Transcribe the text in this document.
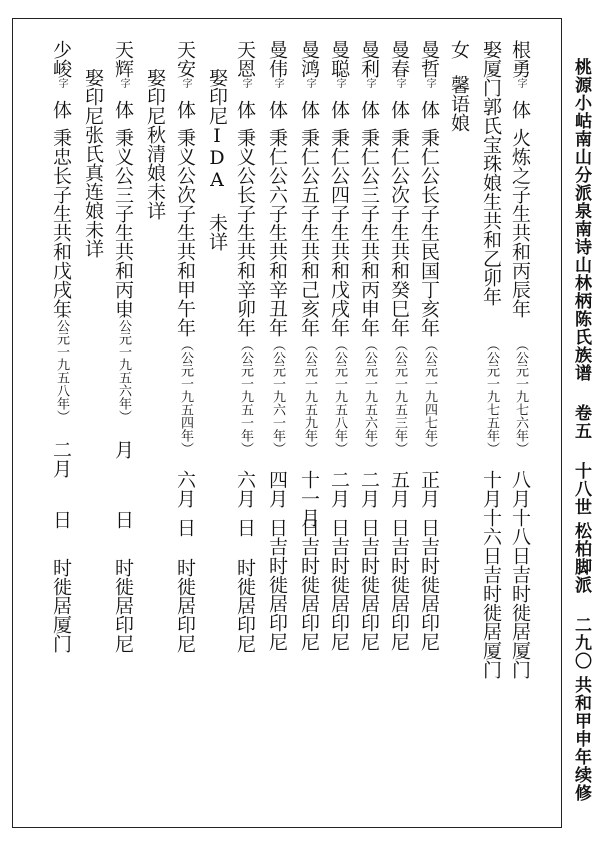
桃源小岵南山分派泉南诗山林柄陈氏族谱卷五十八世松柏脚派二九〇共和甲申年续修
根勇
字
体
火炼之子生共和丙辰年
（公元一九七六年）
八月十八日吉时徙居厦门
娶厦门郭氏宝珠娘生共和乙卯年
（公元一九七五年）
十月十六日吉时徙居厦门
女
馨语娘
曼哲
字
体
秉仁公长子生民国丁亥年
（公元一九四七年）
正月
日吉时徙居印尼
曼春
字
体
秉仁公次子生共和癸巳年
（公元一九五三年）
五月
日吉时徙居印尼
曼利
字
体
秉仁公三子生共和丙申年
（公元一九五六年）
二月
日吉时徙居印尼
曼聪
字
体
秉仁公四子生共和戊戌年
（公元一九五八年）
二月
日吉时徙居印尼
曼鸿
字
体
秉仁公五子生共和己亥年
（公元一九五九年）
十一月
日吉时徙居印尼
曼伟
字
体
秉仁公六子生共和辛丑年
（公元一九六一年）
四月
日吉时徙居印尼
天恩
字
体
秉义公长子生共和辛卯年
（公元一九五一年）
六月
日
时徙居印尼
娶印尼IDA 未详
天安
字
体
秉义公次子生共和甲午年
（公元一九五四年）
六月
日
时徙居印尼
娶印尼秋清娘未详
天辉
字
体
秉义公三子生共和丙申
（公元一九五六年）
月
日
时徙居印尼
娶印尼张氏真连娘未详
少峻
字
体
秉忠长子生共和戊戌年
（公元一九五八年）
二月
日
时徙居厦门
